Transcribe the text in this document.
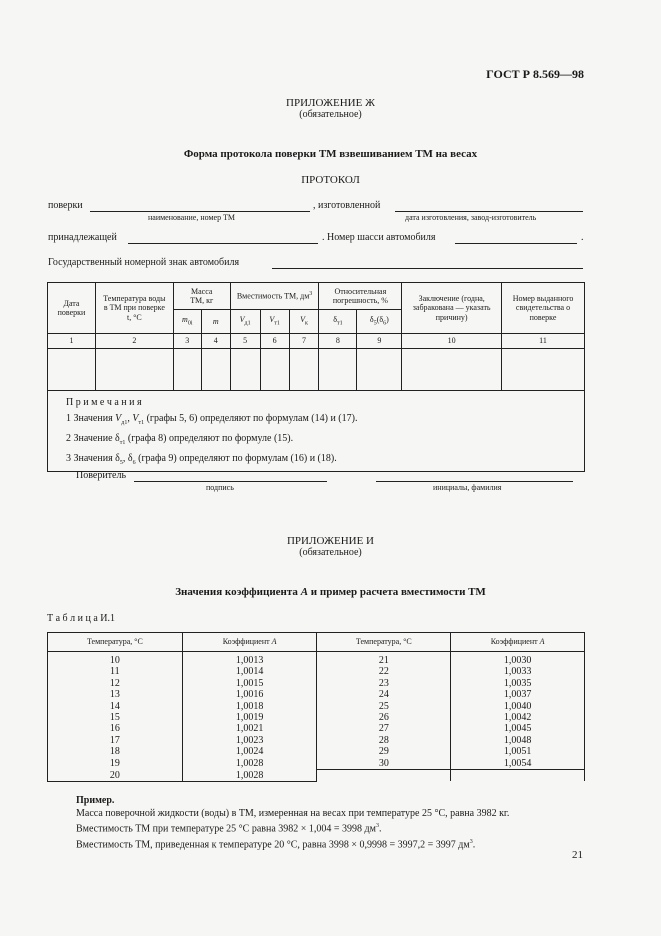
ГОСТ Р 8.569—98
ПРИЛОЖЕНИЕ Ж
(обязательное)
Форма протокола поверки ТМ взвешиванием ТМ на весах
ПРОТОКОЛ
поверки	, изготовленной
наименование, номер ТМ	дата изготовления, завод-изготовитель
принадлежащей	. Номер шасси автомобиля	.
Государственный номерной знак автомобиля
Дата поверки	Температура воды в ТМ при поверке t, °С	Масса ТМ, кг		Вместимость ТМ, $дм^3$			Относительная погрешность, %		Заключение (годна, забракована — указать причину)	Номер выданного свидетельства о поверке
		$m_{0i}$	m	$V_{д1}$	$V_{т1}$	$V_к$	$\delta_{т1}$	$\delta_5(\delta_6)$		
1	2	3	4	5	6	7	8	9	10	11

П р и м е ч а н и я
1 Значения $V_{д1}$, $V_{т1}$ (графы 5, 6) определяют по формулам (14) и (17).
2 Значение $\delta_{т1}$ (графа 8) определяют по формуле (15).
3 Значения $\delta_5$, $\delta_6$ (графа 9) определяют по формулам (16) и (18).										
Поверитель
подпись	инициалы, фамилия
ПРИЛОЖЕНИЕ И
(обязательное)
Значения коэффициента А и пример расчета вместимости ТМ
Т а б л и ц а И.1
Температура, °С	Коэффициент А	Температура, °С	Коэффициент А
10	1,0013	21	1,0030
11	1,0014	22	1,0033
12	1,0015	23	1,0035
13	1,0016	24	1,0037
14	1,0018	25	1,0040
15	1,0019	26	1,0042
16	1,0021	27	1,0045
17	1,0023	28	1,0048
18	1,0024	29	1,0051
19	1,0028	30	1,0054
20	1,0028		
Пример.
Масса поверочной жидкости (воды) в ТМ, измеренная на весах при температуре 25 °С, равна 3982 кг.
Вместимость ТМ при температуре 25 °С равна 3982 × 1,004 = 3998 $дм^3$.
Вместимость ТМ, приведенная к температуре 20 °С, равна 3998 × 0,9998 = 3997,2 = 3997 $дм^3$.
21
